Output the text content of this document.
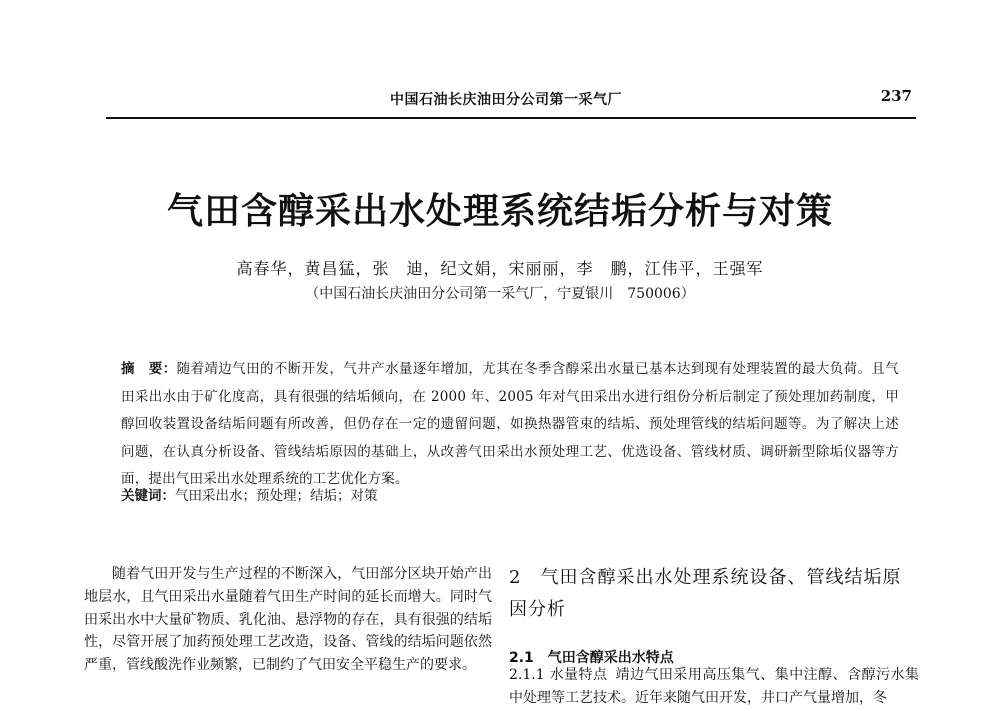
中国石油长庆油田分公司第一采气厂	237
气田含醇采出水处理系统结垢分析与对策
高春华，黄昌猛，张　迪，纪文娟，宋丽丽，李　鹏，江伟平，王强军
（中国石油长庆油田分公司第一采气厂，宁夏银川　750006）
摘　要：随着靖边气田的不断开发，气井产水量逐年增加，尤其在冬季含醇采出水量已基本达到现有处理装置的最大负荷。且气田采出水由于矿化度高，具有很强的结垢倾向，在 2000 年、2005 年对气田采出水进行组份分析后制定了预处理加药制度，甲醇回收装置设备结垢问题有所改善，但仍存在一定的遗留问题，如换热器管束的结垢、预处理管线的结垢问题等。为了解决上述问题，在认真分析设备、管线结垢原因的基础上，从改善气田采出水预处理工艺、优选设备、管线材质、调研新型除垢仪器等方面，提出气田采出水处理系统的工艺优化方案。
关键词：气田采出水；预处理；结垢；对策
随着气田开发与生产过程的不断深入，气田部分区块开始产出地层水，且气田采出水量随着气田生产时间的延长而增大。同时气田采出水中大量矿物质、乳化油、悬浮物的存在，具有很强的结垢性，尽管开展了加药预处理工艺改造，设备、管线的结垢问题依然严重，管线酸洗作业频繁，已制约了气田安全平稳生产的要求。
2　气田含醇采出水处理系统设备、管线结垢原因分析
2.1　气田含醇采出水特点
2.1.1 水量特点 靖边气田采用高压集气、集中注醇、含醇污水集中处理等工艺技术。近年来随气田开发，井口产气量增加，冬
